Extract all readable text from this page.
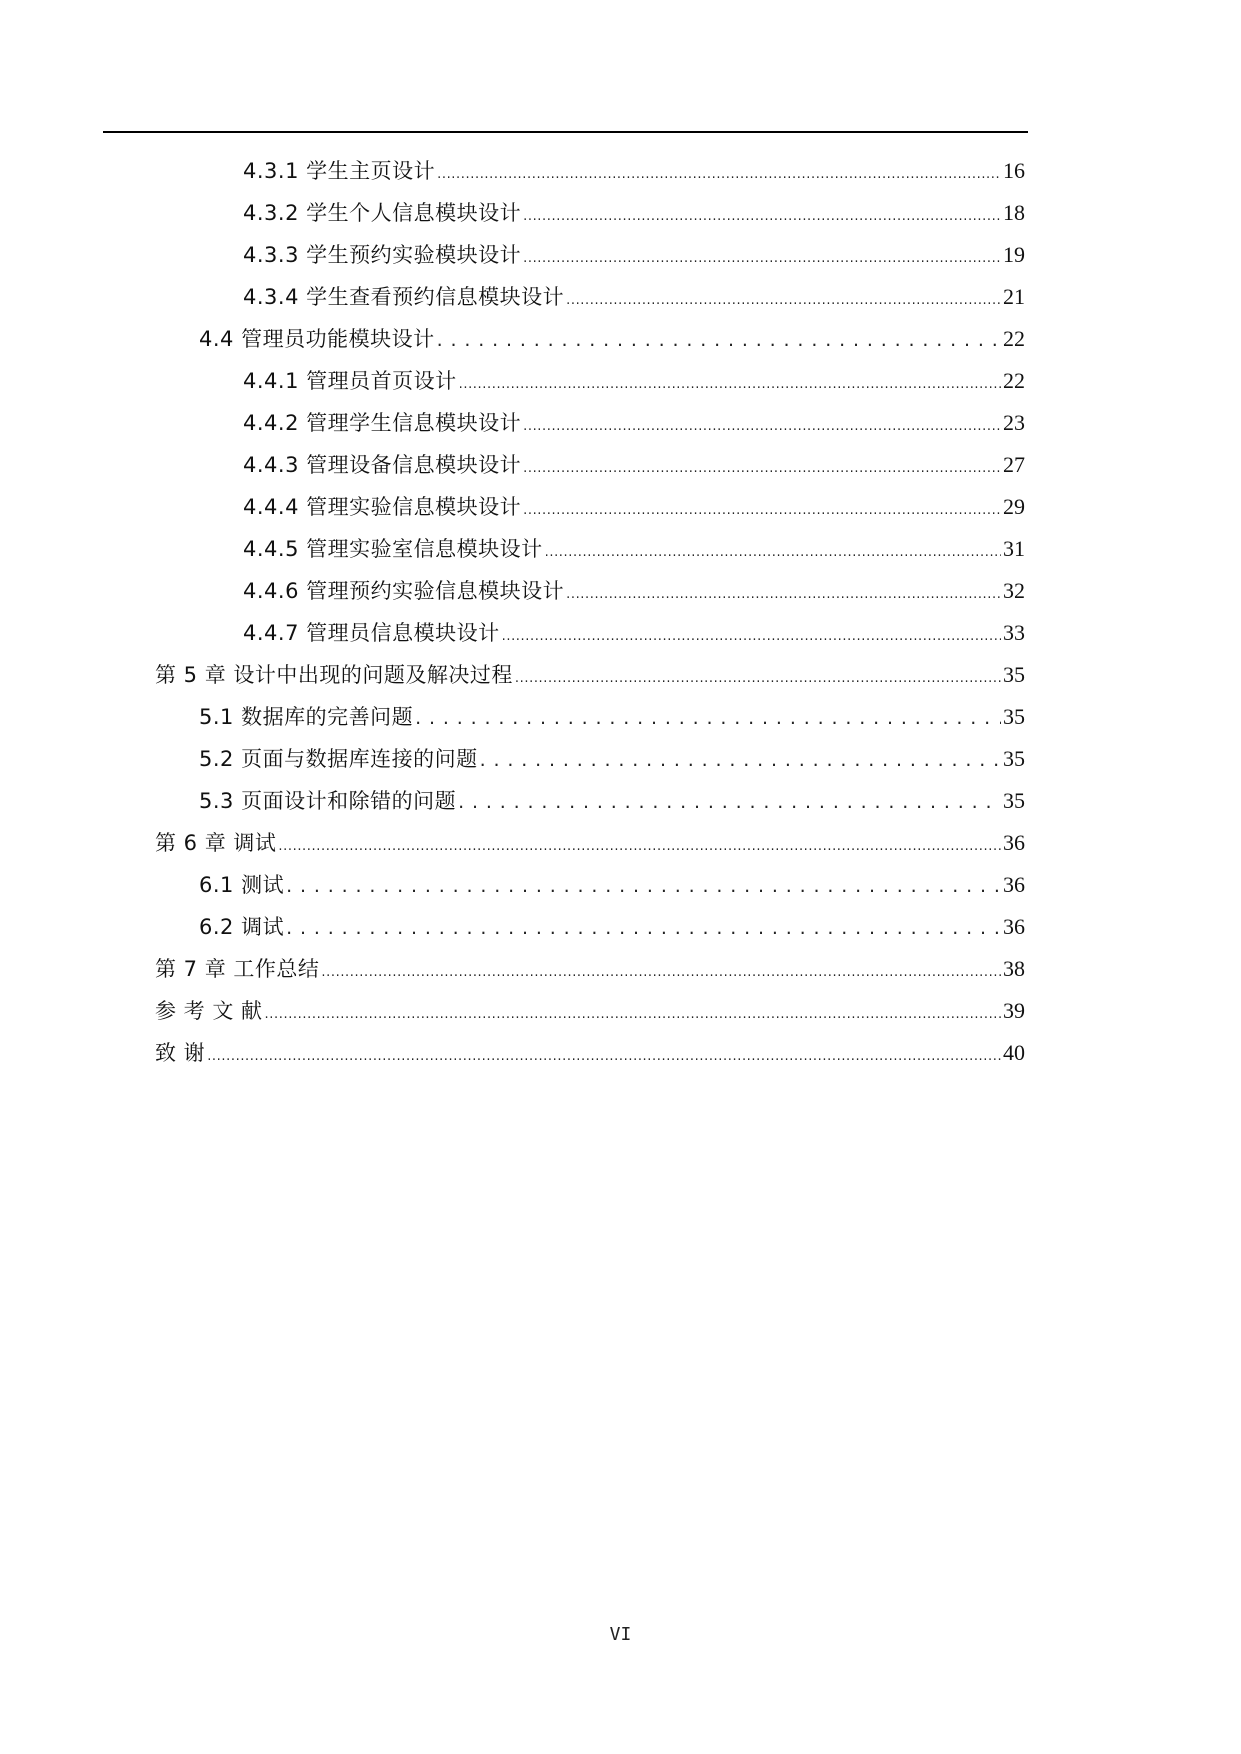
4.3.1 学生主页设计 .....	16
4.3.2 学生个人信息模块设计 .....	18
4.3.3 学生预约实验模块设计 .....	19
4.3.4 学生查看预约信息模块设计 .....	21
4.4 管理员功能模块设计 . . .	22
4.4.1 管理员首页设计 .....	22
4.4.2 管理学生信息模块设计 .....	23
4.4.3 管理设备信息模块设计 .....	27
4.4.4 管理实验信息模块设计 .....	29
4.4.5 管理实验室信息模块设计 .....	31
4.4.6 管理预约实验信息模块设计 .....	32
4.4.7 管理员信息模块设计 .....	33
第 5 章 设计中出现的问题及解决过程 .....	35
5.1 数据库的完善问题 . . .	35
5.2 页面与数据库连接的问题 . . .	35
5.3 页面设计和除错的问题 . . .	35
第 6 章 调试 .....	36
6.1 测试 . . .	36
6.2 调试 . . .	36
第 7 章 工作总结 .....	38
参 考 文 献 .....	39
致 谢 .....	40
VI
